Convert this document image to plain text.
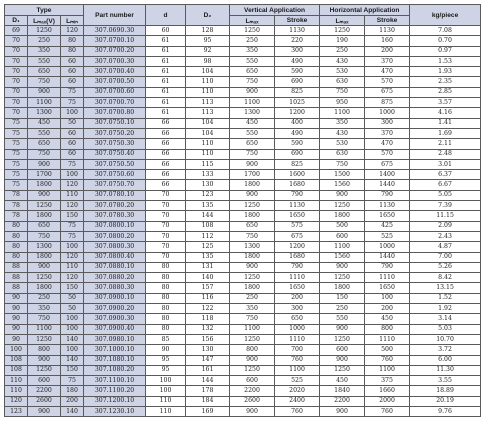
Type			Part number	d	D₂	Vertical Application		Horizontal Application		kg/piece
D₁	Lₘₐₓ(V)	Lₘᵢₙ				Lₘₐₓ	Stroke	Lₘₐₓ	Stroke	
69	1250	120	307.0690.30	60	128	1250	1130	1250	1130	7.08
70	250	80	307.0700.10	61	95	250	220	190	160	0.70
70	350	80	307.0700.20	61	92	350	300	250	200	0.97
70	550	60	307.0700.30	61	98	550	490	430	370	1.53
70	650	60	307.0700.40	61	104	650	590	530	470	1.93
70	750	60	307.0700.50	61	110	750	690	630	570	2.35
70	900	75	307.0700.60	61	110	900	825	750	675	2.85
70	1100	75	307.0700.70	61	113	1100	1025	950	875	3.57
70	1300	100	307.0700.80	61	113	1300	1200	1100	1000	4.16
75	450	50	307.0750.10	66	104	450	400	350	300	1.41
75	550	60	307.0750.20	66	104	550	490	430	370	1.69
75	650	60	307.0750.30	66	110	650	590	530	470	2.11
75	750	60	307.0750.40	66	110	750	690	630	570	2.48
75	900	75	307.0750.50	66	115	900	825	750	675	3.01
75	1700	100	307.0750.60	66	133	1700	1600	1500	1400	6.37
75	1800	120	307.0750.70	66	130	1800	1680	1560	1440	6.67
78	900	110	307.0780.10	70	123	900	790	900	790	5.05
78	1250	120	307.0780.20	70	135	1250	1130	1250	1130	7.39
78	1800	150	307.0780.30	70	144	1800	1650	1800	1650	11.15
80	650	75	307.0800.10	70	108	650	575	500	425	2.09
80	750	75	307.0800.20	70	112	750	675	600	525	2.43
80	1300	100	307.0800.30	70	125	1300	1200	1100	1000	4.87
80	1800	120	307.0800.40	70	135	1800	1680	1560	1440	7.00
88	900	110	307.0880.10	80	131	900	790	900	790	5.26
88	1250	120	307.0880.20	80	140	1250	1110	1250	1110	8.42
88	1800	150	307.0880.30	80	157	1800	1650	1800	1650	13.15
90	250	50	307.0900.10	80	116	250	200	150	100	1.52
90	350	50	307.0900.20	80	122	350	300	250	200	1.92
90	750	100	307.0900.30	80	118	750	650	550	450	3.14
90	1100	100	307.0900.40	80	132	1100	1000	900	800	5.03
90	1250	140	307.0980.10	85	156	1250	1110	1250	1110	10.70
100	800	100	307.1000.10	90	130	800	700	600	500	3.72
108	900	140	307.1080.10	95	147	900	760	900	760	6.00
108	1250	150	307.1080.20	95	161	1250	1100	1250	1100	11.30
110	600	75	307.1100.10	100	144	600	525	450	375	3.55
110	2200	180	307.1100.20	100	178	2200	2020	1840	1660	18.89
120	2600	200	307.1200.10	110	184	2600	2400	2200	2000	20.19
123	900	140	307.1230.10	110	169	900	760	900	760	9.76
